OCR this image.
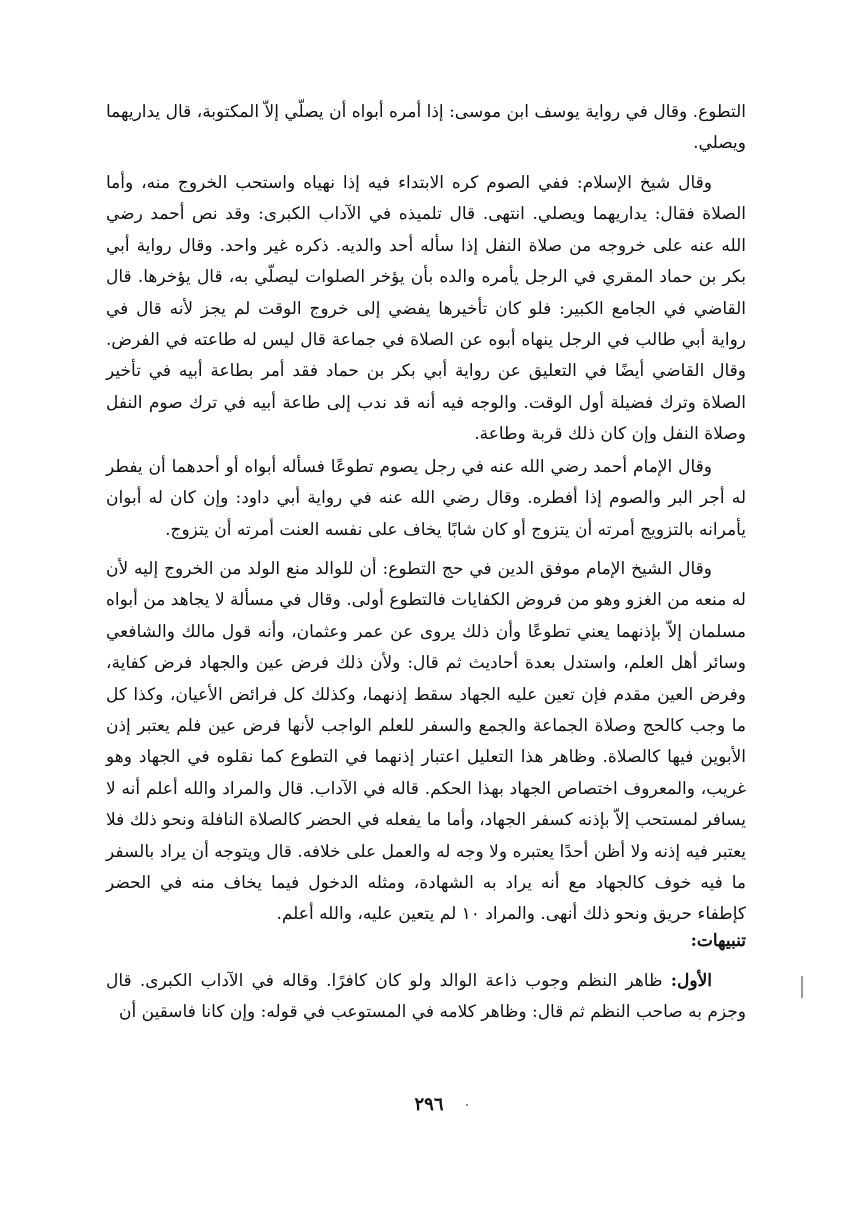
التطوع. وقال في رواية يوسف ابن موسى: إذا أمره أبواه أن يصلّي إلاّ المكتوبة، قال يداريهما ويصلي.

وقال شيخ الإسلام: ففي الصوم كره الابتداء فيه إذا نهياه واستحب الخروج منه، وأما الصلاة فقال: يداريهما ويصلي. انتهى. قال تلميذه في الآداب الكبرى: وقد نص أحمد رضي الله عنه على خروجه من صلاة النفل إذا سأله أحد والديه. ذكره غير واحد. وقال رواية أبي بكر بن حماد المقري في الرجل يأمره والده بأن يؤخر الصلوات ليصلّي به، قال يؤخرها. قال القاضي في الجامع الكبير: فلو كان تأخيرها يفضي إلى خروج الوقت لم يجز لأنه قال في رواية أبي طالب في الرجل ينهاه أبوه عن الصلاة في جماعة قال ليس له طاعته في الفرض. وقال القاضي أيضًا في التعليق عن رواية أبي بكر بن حماد فقد أمر بطاعة أبيه في تأخير الصلاة وترك فضيلة أول الوقت. والوجه فيه أنه قد ندب إلى طاعة أبيه في ترك صوم النفل وصلاة النفل وإن كان ذلك قربة وطاعة.

وقال الإمام أحمد رضي الله عنه في رجل يصوم تطوعًا فسأله أبواه أو أحدهما أن يفطر له أجر البر والصوم إذا أفطره. وقال رضي الله عنه في رواية أبي داود: وإن كان له أبوان يأمرانه بالتزويج أمرته أن يتزوج أو كان شابًا يخاف على نفسه العنت أمرته أن يتزوج.

وقال الشيخ الإمام موفق الدين في حج التطوع: أن للوالد منع الولد من الخروج إليه لأن له منعه من الغزو وهو من فروض الكفايات فالتطوع أولى. وقال في مسألة لا يجاهد من أبواه مسلمان إلاّ بإذنهما يعني تطوعًا وأن ذلك يروى عن عمر وعثمان، وأنه قول مالك والشافعي وسائر أهل العلم، واستدل بعدة أحاديث ثم قال: ولأن ذلك فرض عين والجهاد فرض كفاية، وفرض العين مقدم فإن تعين عليه الجهاد سقط إذنهما، وكذلك كل فرائض الأعيان، وكذا كل ما وجب كالحج وصلاة الجماعة والجمع والسفر للعلم الواجب لأنها فرض عين فلم يعتبر إذن الأبوين فيها كالصلاة. وظاهر هذا التعليل اعتبار إذنهما في التطوع كما نقلوه في الجهاد وهو غريب، والمعروف اختصاص الجهاد بهذا الحكم. قاله في الآداب. قال والمراد والله أعلم أنه لا يسافر لمستحب إلاّ بإذنه كسفر الجهاد، وأما ما يفعله في الحضر كالصلاة النافلة ونحو ذلك فلا يعتبر فيه إذنه ولا أظن أحدًا يعتبره ولا وجه له والعمل على خلافه. قال ويتوجه أن يراد بالسفر ما فيه خوف كالجهاد مع أنه يراد به الشهادة، ومثله الدخول فيما يخاف منه في الحضر كإطفاء حريق ونحو ذلك أنهى. والمراد ١٠ لم يتعين عليه، والله أعلم.

تنبيهات:

الأول: ظاهر النظم وجوب ذاعة الوالد ولو كان كافرًا. وقاله في الآداب الكبرى. قال وجزم به صاحب النظم ثم قال: وظاهر كلامه في المستوعب في قوله: وإن كانا فاسقين أن

٢٩٦
